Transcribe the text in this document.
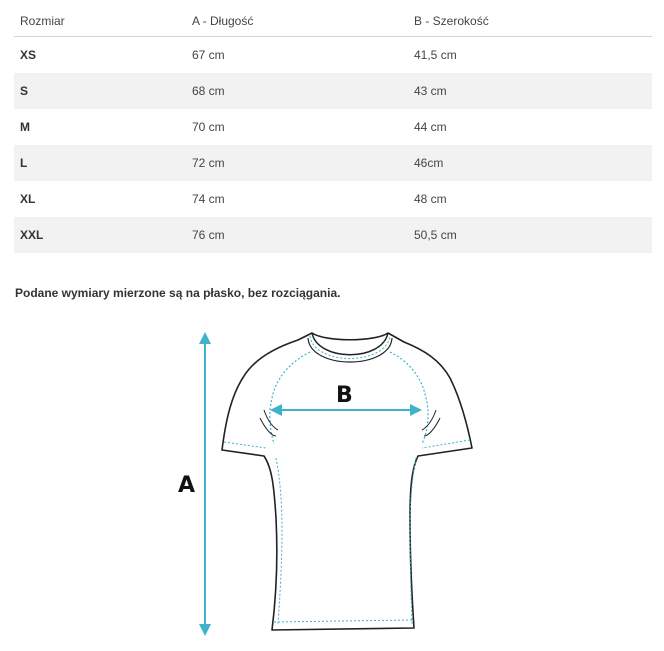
Rozmiar	A - Długość	B - Szerokość
XS	67 cm	41,5 cm
S	68 cm	43 cm
M	70 cm	44 cm
L	72 cm	46cm
XL	74 cm	48 cm
XXL	76 cm	50,5 cm

Podane wymiary mierzone są na płasko, bez rozciągania.

A
B
